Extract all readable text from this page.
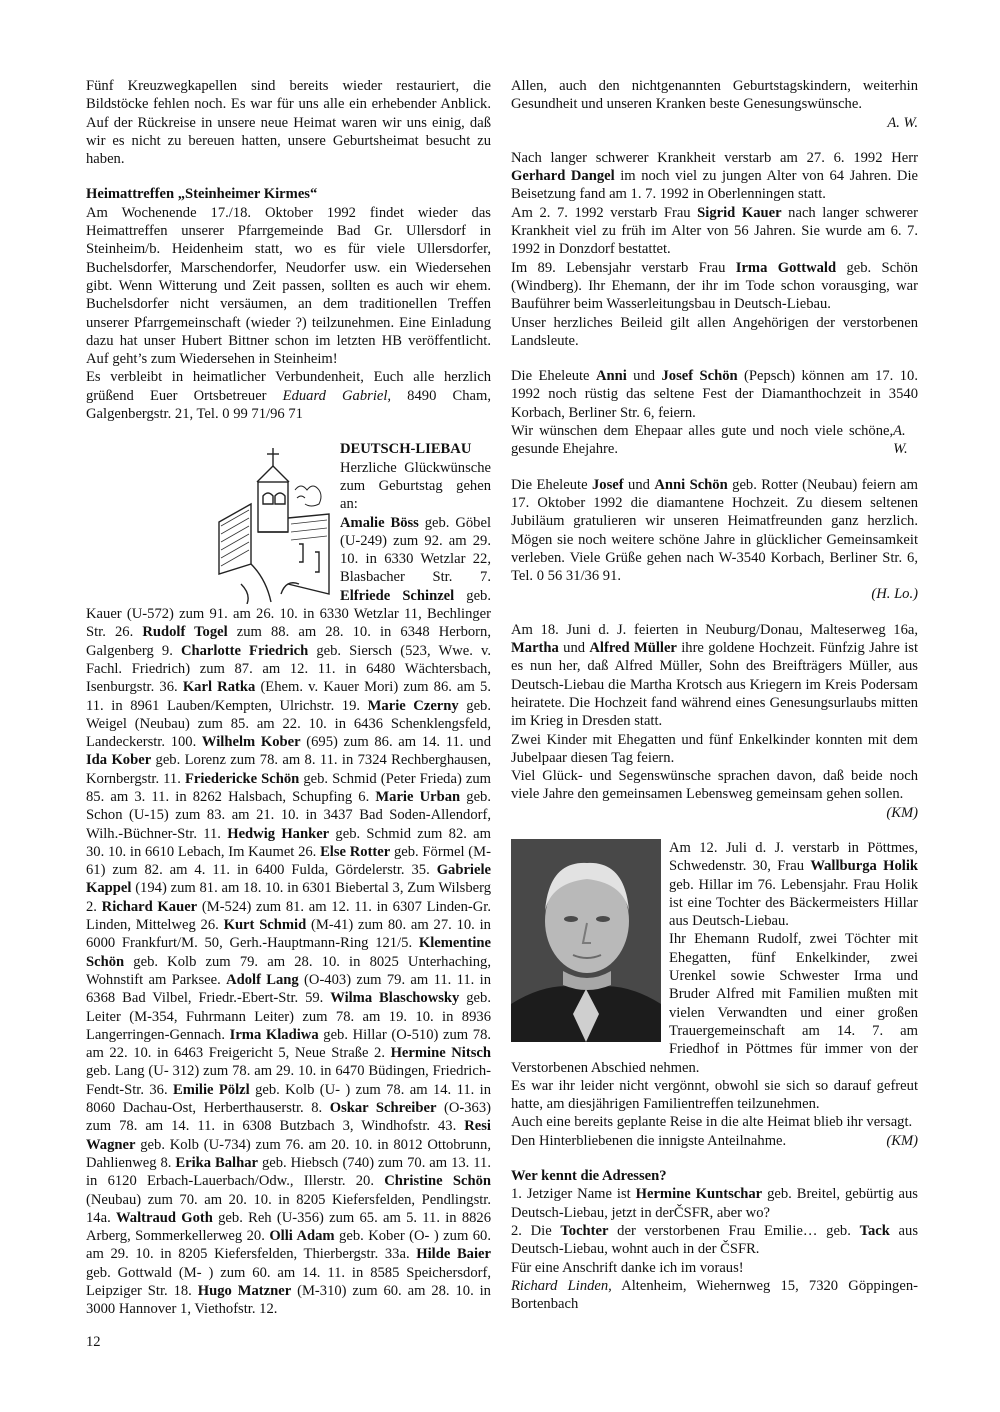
Fünf Kreuzwegkapellen sind bereits wieder restauriert, die Bildstöcke fehlen noch. Es war für uns alle ein erhebender Anblick. Auf der Rückreise in unsere neue Heimat waren wir uns einig, daß wir es nicht zu bereuen hatten, unsere Geburtsheimat besucht zu haben.

Heimattreffen „Steinheimer Kirmes“

Am Wochenende 17./18. Oktober 1992 findet wieder das Heimattreffen unserer Pfarrgemeinde Bad Gr. Ullersdorf in Steinheim/b. Heidenheim statt, wo es für viele Ullersdorfer, Buchelsdorfer, Marschendorfer, Neudorfer usw. ein Wiedersehen gibt. Wenn Witterung und Zeit passen, sollten es auch wir ehem. Buchelsdorfer nicht versäumen, an dem traditionellen Treffen unserer Pfarrgemeinschaft (wieder ?) teilzunehmen. Eine Einladung dazu hat unser Hubert Bittner schon im letzten HB veröffentlicht. Auf geht’s zum Wiedersehen in Steinheim!

Es verbleibt in heimatlicher Verbundenheit, Euch alle herzlich grüßend Euer Ortsbetreuer Eduard Gabriel, 8490 Cham, Galgenbergstr. 21, Tel. 0 99 71/96 71

DEUTSCH-LIEBAU

Herzliche Glückwünsche zum Geburtstag gehen an:

Amalie Böss geb. Göbel (U-249) zum 92. am 29. 10. in 6330 Wetzlar 22, Blasbacher Str. 7. Elfriede Schinzel geb. Kauer (U-572) zum 91. am 26. 10. in 6330 Wetzlar 11, Bechlinger Str. 26. Rudolf Togel zum 88. am 28. 10. in 6348 Herborn, Galgenberg 9. Charlotte Friedrich geb. Siersch (523, Wwe. v. Fachl. Friedrich) zum 87. am 12. 11. in 6480 Wächtersbach, Isenburgstr. 36. Karl Ratka (Ehem. v. Kauer Mori) zum 86. am 5. 11. in 8961 Lauben/Kempten, Ulrichstr. 19. Marie Czerny geb. Weigel (Neubau) zum 85. am 22. 10. in 6436 Schenklengsfeld, Landeckerstr. 100. Wilhelm Kober (695) zum 86. am 14. 11. und Ida Kober geb. Lorenz zum 78. am 8. 11. in 7324 Rechberghausen, Kornbergstr. 11. Friedericke Schön geb. Schmid (Peter Frieda) zum 85. am 3. 11. in 8262 Halsbach, Schupfing 6. Marie Urban geb. Schon (U-15) zum 83. am 21. 10. in 3437 Bad Soden-Allendorf, Wilh.-Büchner-Str. 11. Hedwig Hanker geb. Schmid zum 82. am 30. 10. in 6610 Lebach, Im Kaumet 26. Else Rotter geb. Förmel (M-61) zum 82. am 4. 11. in 6400 Fulda, Gördelerstr. 35. Gabriele Kappel (194) zum 81. am 18. 10. in 6301 Biebertal 3, Zum Wilsberg 2. Richard Kauer (M-524) zum 81. am 12. 11. in 6307 Linden-Gr. Linden, Mittelweg 26. Kurt Schmid (M-41) zum 80. am 27. 10. in 6000 Frankfurt/M. 50, Gerh.-Hauptmann-Ring 121/5. Klementine Schön geb. Kolb zum 79. am 28. 10. in 8025 Unterhaching, Wohnstift am Parksee. Adolf Lang (O-403) zum 79. am 11. 11. in 6368 Bad Vilbel, Friedr.-Ebert-Str. 59. Wilma Blaschowsky geb. Leiter (M-354, Fuhrmann Leiter) zum 78. am 19. 10. in 8936 Langerringen-Gennach. Irma Kladiwa geb. Hillar (O-510) zum 78. am 22. 10. in 6463 Freigericht 5, Neue Straße 2. Hermine Nitsch geb. Lang (U- 312) zum 78. am 29. 10. in 6470 Büdingen, Friedrich-Fendt-Str. 36. Emilie Pölzl geb. Kolb (U- ) zum 78. am 14. 11. in 8060 Dachau-Ost, Herberthauserstr. 8. Oskar Schreiber (O-363) zum 78. am 14. 11. in 6308 Butzbach 3, Windhofstr. 43. Resi Wagner geb. Kolb (U-734) zum 76. am 20. 10. in 8012 Ottobrunn, Dahlienweg 8. Erika Balhar geb. Hiebsch (740) zum 70. am 13. 11. in 6120 Erbach-Lauerbach/Odw., Illerstr. 20. Christine Schön (Neubau) zum 70. am 20. 10. in 8205 Kiefersfelden, Pendlingstr. 14a. Waltraud Goth geb. Reh (U-356) zum 65. am 5. 11. in 8826 Arberg, Sommerkellerweg 20. Olli Adam geb. Kober (O- ) zum 60. am 29. 10. in 8205 Kiefersfelden, Thierbergstr. 33a. Hilde Baier geb. Gottwald (M- ) zum 60. am 14. 11. in 8585 Speichersdorf, Leipziger Str. 18. Hugo Matzner (M-310) zum 60. am 28. 10. in 3000 Hannover 1, Viethofstr. 12.

Allen, auch den nichtgenannten Geburtstagskindern, weiterhin Gesundheit und unseren Kranken beste Genesungswünsche.

A. W.

Nach langer schwerer Krankheit verstarb am 27. 6. 1992 Herr Gerhard Dangel im noch viel zu jungen Alter von 64 Jahren. Die Beisetzung fand am 1. 7. 1992 in Oberlenningen statt.

Am 2. 7. 1992 verstarb Frau Sigrid Kauer nach langer schwerer Krankheit viel zu früh im Alter von 56 Jahren. Sie wurde am 6. 7. 1992 in Donzdorf bestattet.

Im 89. Lebensjahr verstarb Frau Irma Gottwald geb. Schön (Windberg). Ihr Ehemann, der ihr im Tode schon vorausging, war Bauführer beim Wasserleitungsbau in Deutsch-Liebau.

Unser herzliches Beileid gilt allen Angehörigen der verstorbenen Landsleute.

Die Eheleute Anni und Josef Schön (Pepsch) können am 17. 10. 1992 noch rüstig das seltene Fest der Diamanthochzeit in 3540 Korbach, Berliner Str. 6, feiern.

Wir wünschen dem Ehepaar alles gute und noch viele schöne, gesunde Ehejahre.
A. W.

Die Eheleute Josef und Anni Schön geb. Rotter (Neubau) feiern am 17. Oktober 1992 die diamantene Hochzeit. Zu diesem seltenen Jubiläum gratulieren wir unseren Heimatfreunden ganz herzlich. Mögen sie noch weitere schöne Jahre in glücklicher Gemeinsamkeit verleben. Viele Grüße gehen nach W-3540 Korbach, Berliner Str. 6, Tel. 0 56 31/36 91.

(H. Lo.)

Am 18. Juni d. J. feierten in Neuburg/Donau, Malteserweg 16a, Martha und Alfred Müller ihre goldene Hochzeit. Fünfzig Jahre ist es nun her, daß Alfred Müller, Sohn des Breifträgers Müller, aus Deutsch-Liebau die Martha Krotsch aus Kriegern im Kreis Podersam heiratete. Die Hochzeit fand während eines Genesungsurlaubs mitten im Krieg in Dresden statt.

Zwei Kinder mit Ehegatten und fünf Enkelkinder konnten mit dem Jubelpaar diesen Tag feiern.

Viel Glück- und Segenswünsche sprachen davon, daß beide noch viele Jahre den gemeinsamen Lebensweg gemeinsam gehen sollen.

(KM)

Am 12. Juli d. J. verstarb in Pöttmes, Schwedenstr. 30, Frau Wallburga Holik geb. Hillar im 76. Lebensjahr. Frau Holik ist eine Tochter des Bäckermeisters Hillar aus Deutsch-Liebau.

Ihr Ehemann Rudolf, zwei Töchter mit Ehegatten, fünf Enkelkinder, zwei Urenkel sowie Schwester Irma und Bruder Alfred mit Familien mußten mit vielen Verwandten und einer großen Trauergemeinschaft am 14. 7. am Friedhof in Pöttmes für immer von der Verstorbenen Abschied nehmen.

Es war ihr leider nicht vergönnt, obwohl sie sich so darauf gefreut hatte, am diesjährigen Familientreffen teilzunehmen.

Auch eine bereits geplante Reise in die alte Heimat blieb ihr versagt.

Den Hinterbliebenen die innigste Anteilnahme.	(KM)

Wer kennt die Adressen?

1. Jetziger Name ist Hermine Kuntschar geb. Breitel, gebürtig aus Deutsch-Liebau, jetzt in derČSFR, aber wo?

2. Die Tochter der verstorbenen Frau Emilie… geb. Tack aus Deutsch-Liebau, wohnt auch in der ČSFR.

Für eine Anschrift danke ich im voraus!

Richard Linden, Altenheim, Wiehernweg 15, 7320 Göppingen-Bortenbach

12
